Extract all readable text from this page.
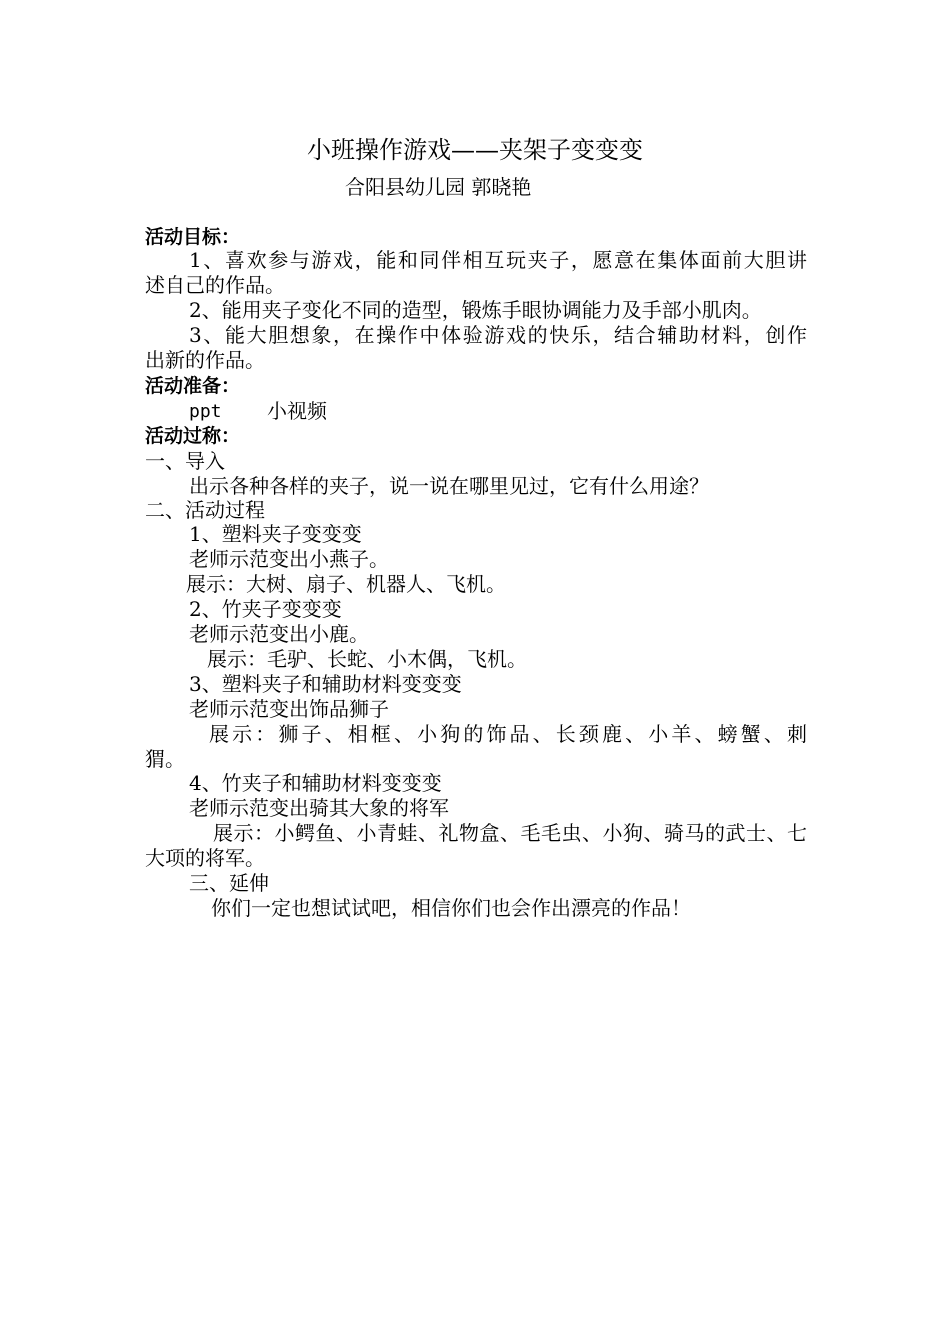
小班操作游戏——夹架子变变变
合阳县幼儿园 郭晓艳
活动目标：
1、喜欢参与游戏，能和同伴相互玩夹子，愿意在集体面前大胆讲
述自己的作品。
2、能用夹子变化不同的造型，锻炼手眼协调能力及手部小肌肉。
3、能大胆想象，在操作中体验游戏的快乐，结合辅助材料，创作
出新的作品。
活动准备：
ppt 小视频
活动过称：
一、导入
出示各种各样的夹子，说一说在哪里见过，它有什么用途？
二、活动过程
1、塑料夹子变变变
老师示范变出小燕子。
展示：大树、扇子、机器人、飞机。
2、竹夹子变变变
老师示范变出小鹿。
展示：毛驴、长蛇、小木偶，飞机。
3、塑料夹子和辅助材料变变变
老师示范变出饰品狮子
展示：狮子、相框、小狗的饰品、长颈鹿、小羊、螃蟹、刺
猬。
4、竹夹子和辅助材料变变变
老师示范变出骑其大象的将军
展示：小鳄鱼、小青蛙、礼物盒、毛毛虫、小狗、骑马的武士、七
大项的将军。
三、延伸
你们一定也想试试吧，相信你们也会作出漂亮的作品！
